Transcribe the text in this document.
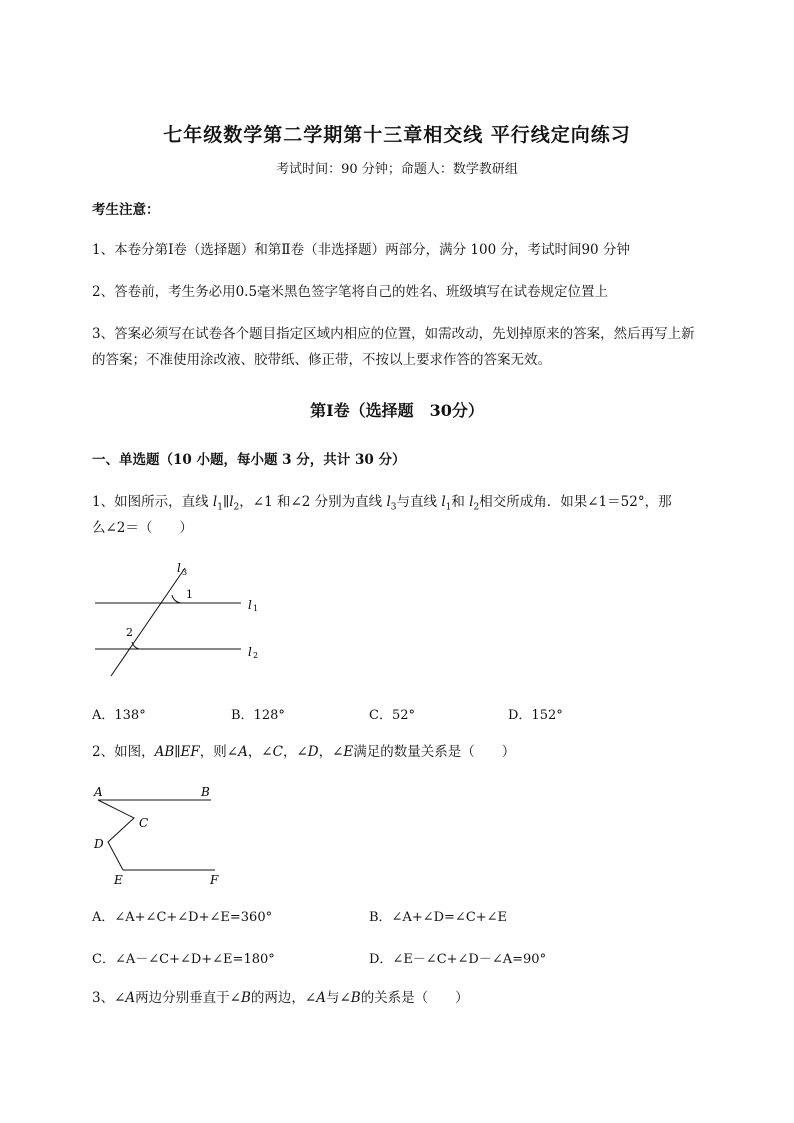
七年级数学第二学期第十三章相交线 平行线定向练习
考试时间：90 分钟；命题人：数学教研组
考生注意：
1、本卷分第Ⅰ卷（选择题）和第Ⅱ卷（非选择题）两部分，满分 100 分，考试时间90 分钟
2、答卷前，考生务必用0.5毫米黑色签字笔将自己的姓名、班级填写在试卷规定位置上
3、答案必须写在试卷各个题目指定区域内相应的位置，如需改动，先划掉原来的答案，然后再写上新
的答案；不准使用涂改液、胶带纸、修正带，不按以上要求作答的答案无效。
第Ⅰ卷（选择题　30分）
一、单选题（10 小题，每小题 3 分，共计 30 分）
1、如图所示，直线 $l_1\parallel l_2$，∠1 和∠2 分别为直线 $l_3$与直线 $l_1$和 $l_2$相交所成角．如果∠1＝52°，那
么∠2＝（　　）
l 3
1
l 1
2
l 2
A．138°	B．128°	C．52°	D．152°
2、如图，AB∥EF，则∠A，∠C，∠D，∠E满足的数量关系是（　　）
A	B
C
D
E	F
A．∠A+∠C+∠D+∠E=360°	B．∠A+∠D=∠C+∠E
C．∠A－∠C+∠D+∠E=180°	D．∠E－∠C+∠D－∠A=90°
3、∠A两边分别垂直于∠B的两边，∠A与∠B的关系是（　　）
